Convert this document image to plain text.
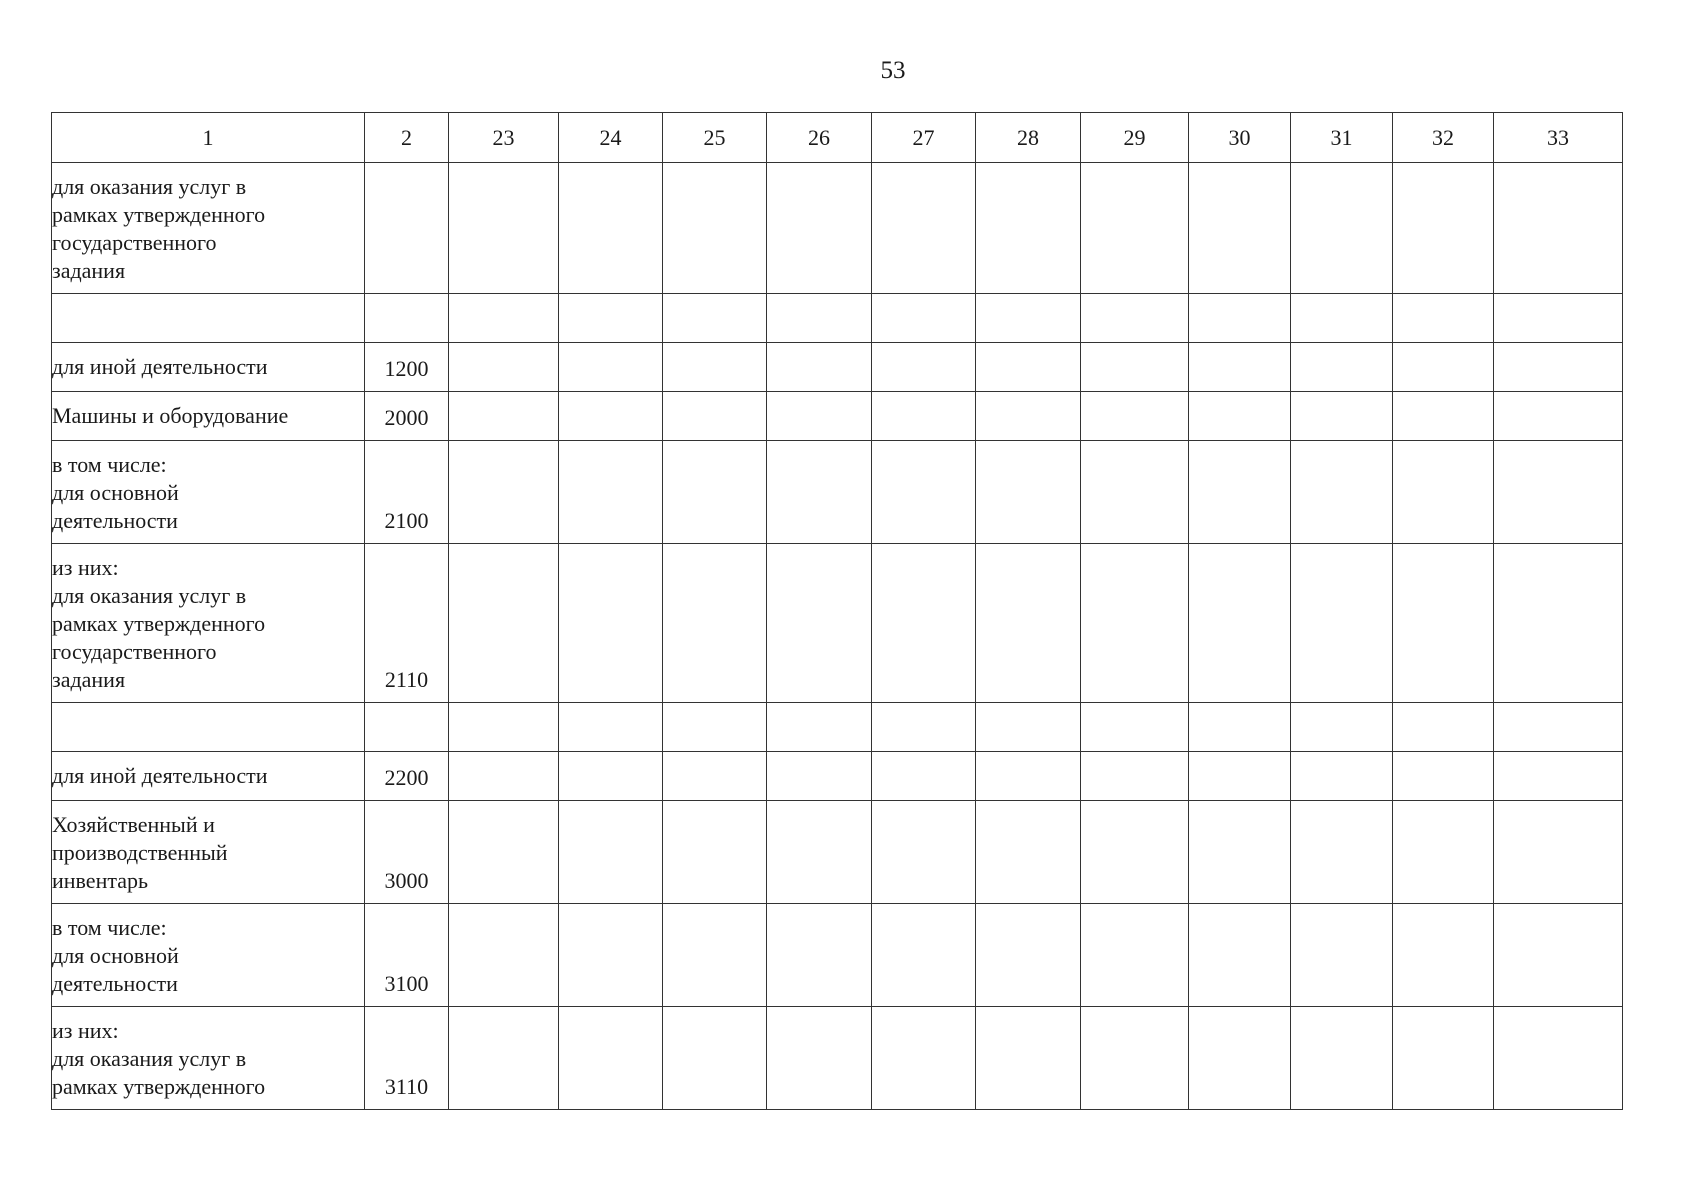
53
1	2	23	24	25	26	27	28	29	30	31	32	33

для оказания услуг в
рамках утвержденного
государственного
задания												

для иной деятельности	1200											

Машины и оборудование	2000											

в том числе:
для основной
деятельности	2100											

из них:
для оказания услуг в
рамках утвержденного
государственного
задания	2110											

для иной деятельности	2200											

Хозяйственный и
производственный
инвентарь	3000											

в том числе:
для основной
деятельности	3100											

из них:
для оказания услуг в
рамках утвержденного	3110											
